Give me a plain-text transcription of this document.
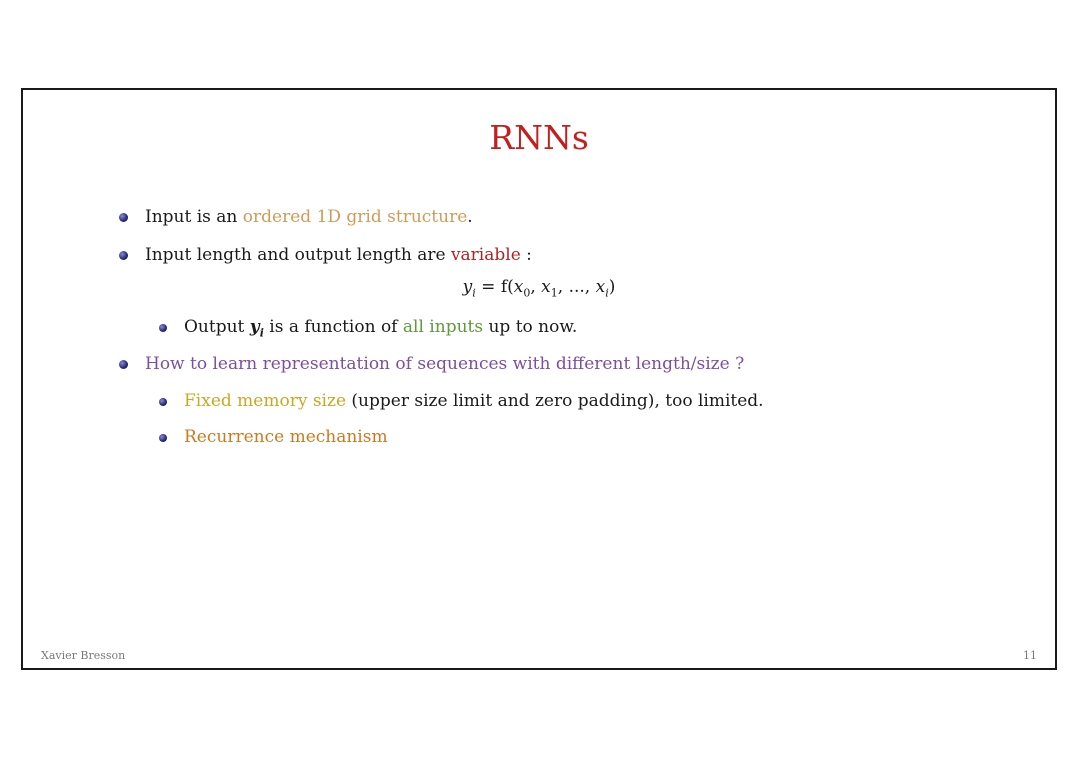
RNNs
Input is an ordered 1D grid structure.
Input length and output length are variable :
$y_i = f(x_0$, $x_1$, ..., $x_i$)
Output $y_i$ is a function of all inputs up to now.
How to learn representation of sequences with different length/size ?
Fixed memory size (upper size limit and zero padding), too limited.
Recurrence mechanism
Xavier Bresson	11
